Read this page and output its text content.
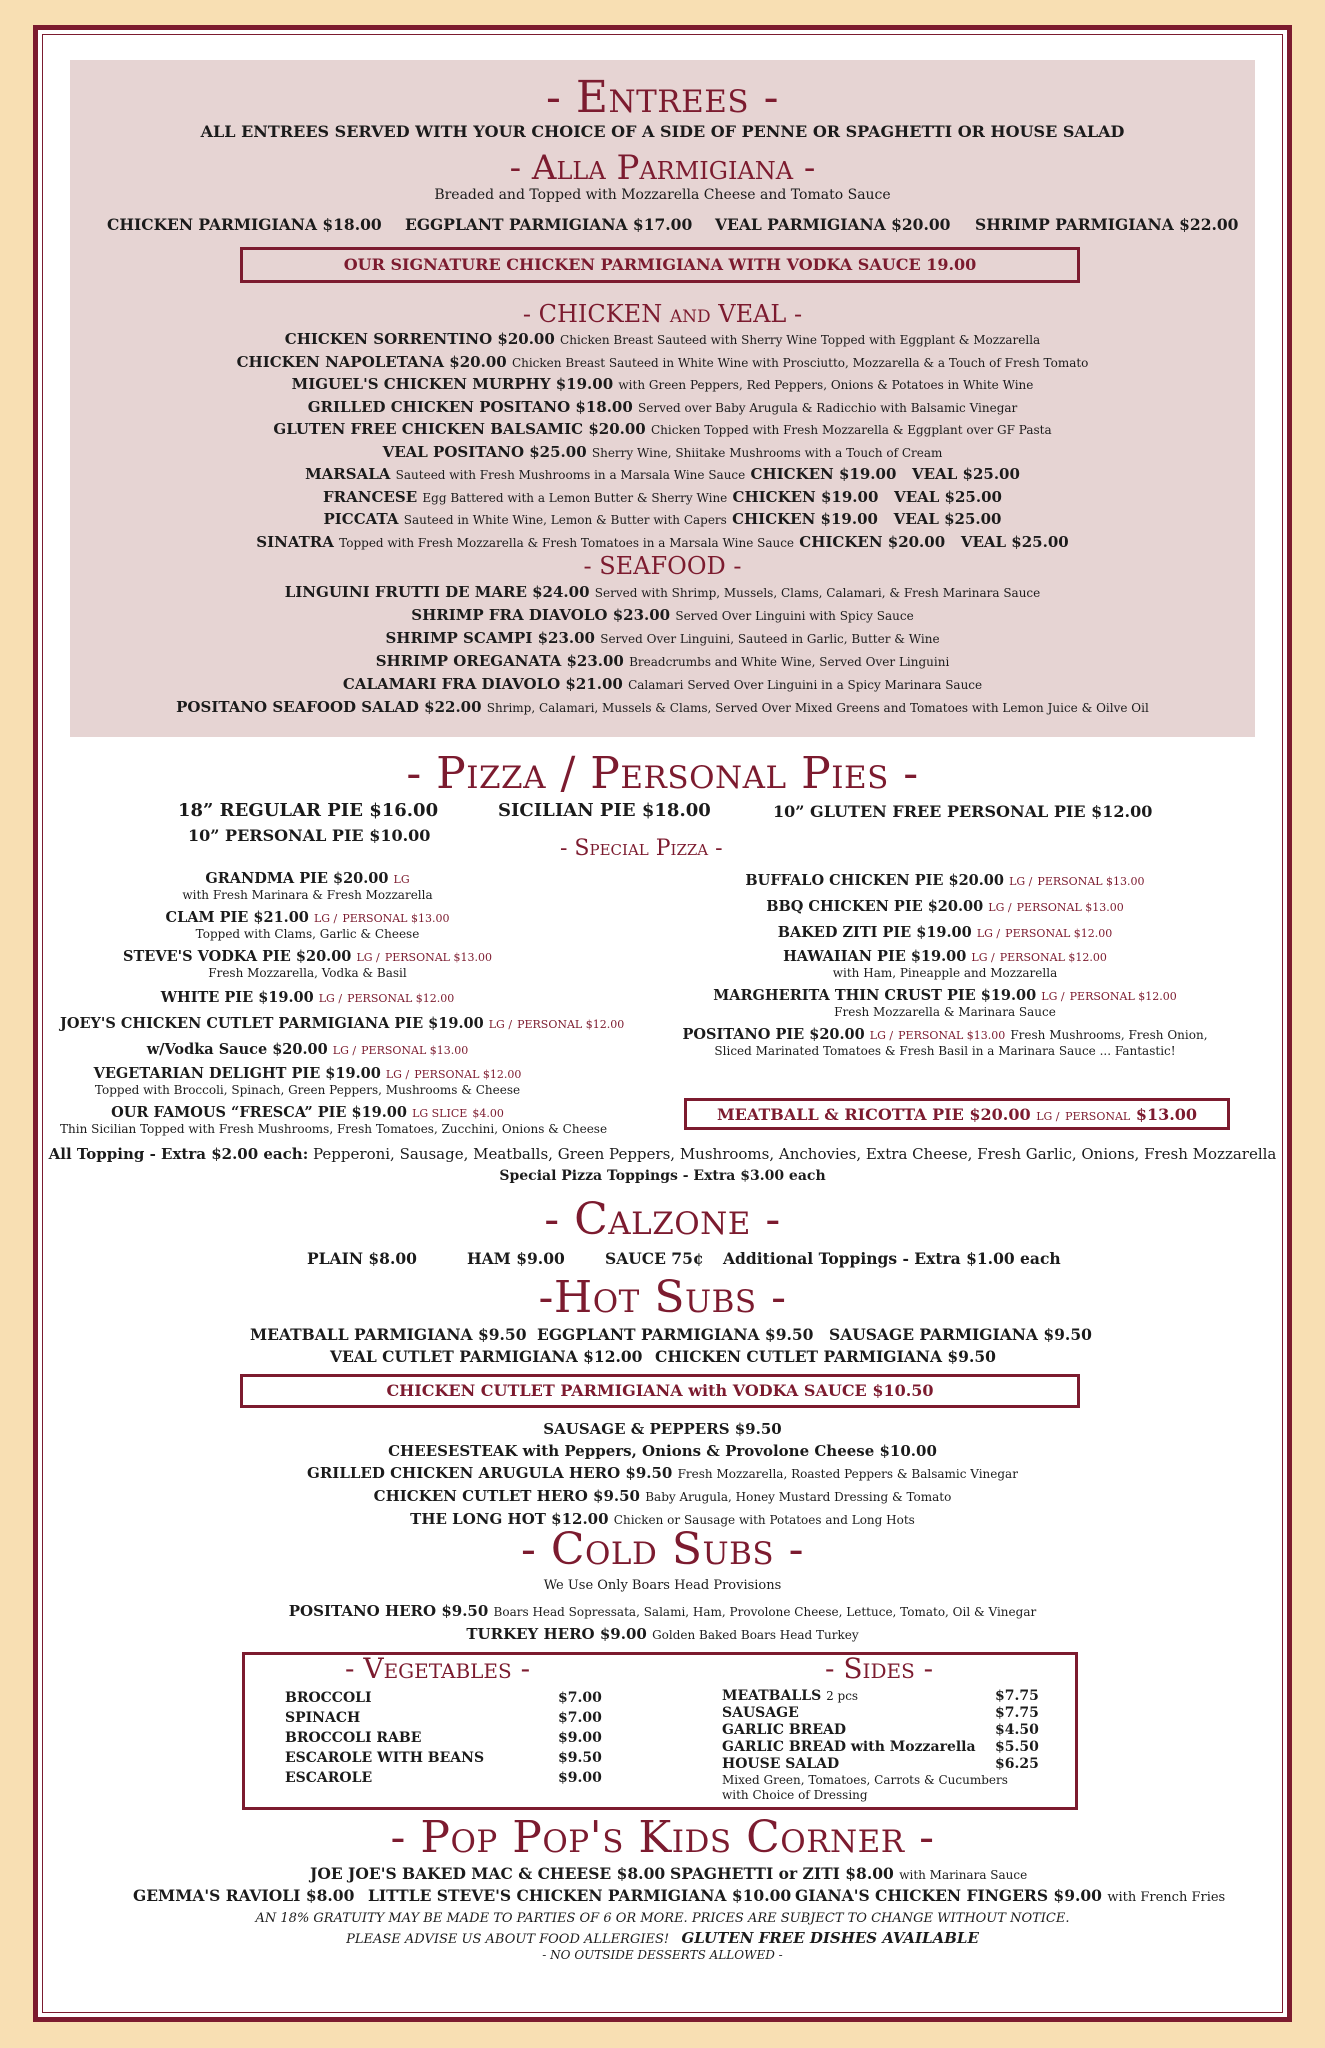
- Entrees -
ALL ENTREES SERVED WITH YOUR CHOICE OF A SIDE OF PENNE OR SPAGHETTI OR HOUSE SALAD
- Alla Parmigiana -
Breaded and Topped with Mozzarella Cheese and Tomato Sauce
CHICKEN PARMIGIANA $18.00 EGGPLANT PARMIGIANA $17.00 VEAL PARMIGIANA $20.00 SHRIMP PARMIGIANA $22.00
OUR SIGNATURE CHICKEN PARMIGIANA WITH VODKA SAUCE 19.00
- CHICKEN and VEAL -
CHICKEN SORRENTINO $20.00 Chicken Breast Sauteed with Sherry Wine Topped with Eggplant & Mozzarella
CHICKEN NAPOLETANA $20.00 Chicken Breast Sauteed in White Wine with Prosciutto, Mozzarella & a Touch of Fresh Tomato
MIGUEL'S CHICKEN MURPHY $19.00 with Green Peppers, Red Peppers, Onions & Potatoes in White Wine
GRILLED CHICKEN POSITANO $18.00 Served over Baby Arugula & Radicchio with Balsamic Vinegar
GLUTEN FREE CHICKEN BALSAMIC $20.00 Chicken Topped with Fresh Mozzarella & Eggplant over GF Pasta
VEAL POSITANO $25.00 Sherry Wine, Shiitake Mushrooms with a Touch of Cream
MARSALA Sauteed with Fresh Mushrooms in a Marsala Wine Sauce CHICKEN $19.00   VEAL $25.00
FRANCESE Egg Battered with a Lemon Butter & Sherry Wine CHICKEN $19.00   VEAL $25.00
PICCATA Sauteed in White Wine, Lemon & Butter with Capers CHICKEN $19.00   VEAL $25.00
SINATRA Topped with Fresh Mozzarella & Fresh Tomatoes in a Marsala Wine Sauce CHICKEN $20.00   VEAL $25.00
- SEAFOOD -
LINGUINI FRUTTI DE MARE $24.00 Served with Shrimp, Mussels, Clams, Calamari, & Fresh Marinara Sauce
SHRIMP FRA DIAVOLO $23.00 Served Over Linguini with Spicy Sauce
SHRIMP SCAMPI $23.00 Served Over Linguini, Sauteed in Garlic, Butter & Wine
SHRIMP OREGANATA $23.00 Breadcrumbs and White Wine, Served Over Linguini
CALAMARI FRA DIAVOLO $21.00 Calamari Served Over Linguini in a Spicy Marinara Sauce
POSITANO SEAFOOD SALAD $22.00 Shrimp, Calamari, Mussels & Clams, Served Over Mixed Greens and Tomatoes with Lemon Juice & Oilve Oil
- Pizza / Personal Pies -
18” REGULAR PIE $16.00	SICILIAN PIE $18.00	10” GLUTEN FREE PERSONAL PIE $12.00
10” PERSONAL PIE $10.00
- Special Pizza -
GRANDMA PIE $20.00 LG
with Fresh Marinara & Fresh Mozzarella
CLAM PIE $21.00 LG / PERSONAL $13.00
Topped with Clams, Garlic & Cheese
STEVE'S VODKA PIE $20.00 LG / PERSONAL $13.00
Fresh Mozzarella, Vodka & Basil
WHITE PIE $19.00 LG / PERSONAL $12.00
JOEY'S CHICKEN CUTLET PARMIGIANA PIE $19.00 LG / PERSONAL $12.00
w/Vodka Sauce $20.00 LG / PERSONAL $13.00
VEGETARIAN DELIGHT PIE $19.00 LG / PERSONAL $12.00
Topped with Broccoli, Spinach, Green Peppers, Mushrooms & Cheese
OUR FAMOUS “FRESCA” PIE $19.00 LG SLICE $4.00
Thin Sicilian Topped with Fresh Mushrooms, Fresh Tomatoes, Zucchini, Onions & Cheese
BUFFALO CHICKEN PIE $20.00 LG / PERSONAL $13.00
BBQ CHICKEN PIE $20.00 LG / PERSONAL $13.00
BAKED ZITI PIE $19.00 LG / PERSONAL $12.00
HAWAIIAN PIE $19.00 LG / PERSONAL $12.00
with Ham, Pineapple and Mozzarella
MARGHERITA THIN CRUST PIE $19.00 LG / PERSONAL $12.00
Fresh Mozzarella & Marinara Sauce
POSITANO PIE $20.00 LG / PERSONAL $13.00 Fresh Mushrooms, Fresh Onion,
Sliced Marinated Tomatoes & Fresh Basil in a Marinara Sauce ... Fantastic!
MEATBALL & RICOTTA PIE $20.00 LG / PERSONAL $13.00
All Topping - Extra $2.00 each: Pepperoni, Sausage, Meatballs, Green Peppers, Mushrooms, Anchovies, Extra Cheese, Fresh Garlic, Onions, Fresh Mozzarella
Special Pizza Toppings - Extra $3.00 each
- Calzone -
PLAIN $8.00	HAM $9.00	SAUCE 75¢ Additional Toppings - Extra $1.00 each
-Hot Subs -
MEATBALL PARMIGIANA $9.50 EGGPLANT PARMIGIANA $9.50 SAUSAGE PARMIGIANA $9.50
VEAL CUTLET PARMIGIANA $12.00 CHICKEN CUTLET PARMIGIANA $9.50
CHICKEN CUTLET PARMIGIANA with VODKA SAUCE $10.50
SAUSAGE & PEPPERS $9.50
CHEESESTEAK with Peppers, Onions & Provolone Cheese $10.00
GRILLED CHICKEN ARUGULA HERO $9.50 Fresh Mozzarella, Roasted Peppers & Balsamic Vinegar
CHICKEN CUTLET HERO $9.50 Baby Arugula, Honey Mustard Dressing & Tomato
THE LONG HOT $12.00 Chicken or Sausage with Potatoes and Long Hots
- Cold Subs -
We Use Only Boars Head Provisions
POSITANO HERO $9.50 Boars Head Sopressata, Salami, Ham, Provolone Cheese, Lettuce, Tomato, Oil & Vinegar
TURKEY HERO $9.00 Golden Baked Boars Head Turkey
- Vegetables -
BROCCOLI	$7.00
SPINACH	$7.00
BROCCOLI RABE	$9.00
ESCAROLE WITH BEANS	$9.50
ESCAROLE	$9.00
- Sides -
MEATBALLS 2 pcs	$7.75
SAUSAGE	$7.75
GARLIC BREAD	$4.50
GARLIC BREAD with Mozzarella $5.50
HOUSE SALAD	$6.25
Mixed Green, Tomatoes, Carrots & Cucumbers
with Choice of Dressing
- Pop Pop's Kids Corner -
JOE JOE'S BAKED MAC & CHEESE $8.00 SPAGHETTI or ZITI $8.00 with Marinara Sauce
GEMMA'S RAVIOLI $8.00 LITTLE STEVE'S CHICKEN PARMIGIANA $10.00 GIANA'S CHICKEN FINGERS $9.00 with French Fries
AN 18% GRATUITY MAY BE MADE TO PARTIES OF 6 OR MORE. PRICES ARE SUBJECT TO CHANGE WITHOUT NOTICE.
PLEASE ADVISE US ABOUT FOOD ALLERGIES! GLUTEN FREE DISHES AVAILABLE
- NO OUTSIDE DESSERTS ALLOWED -
